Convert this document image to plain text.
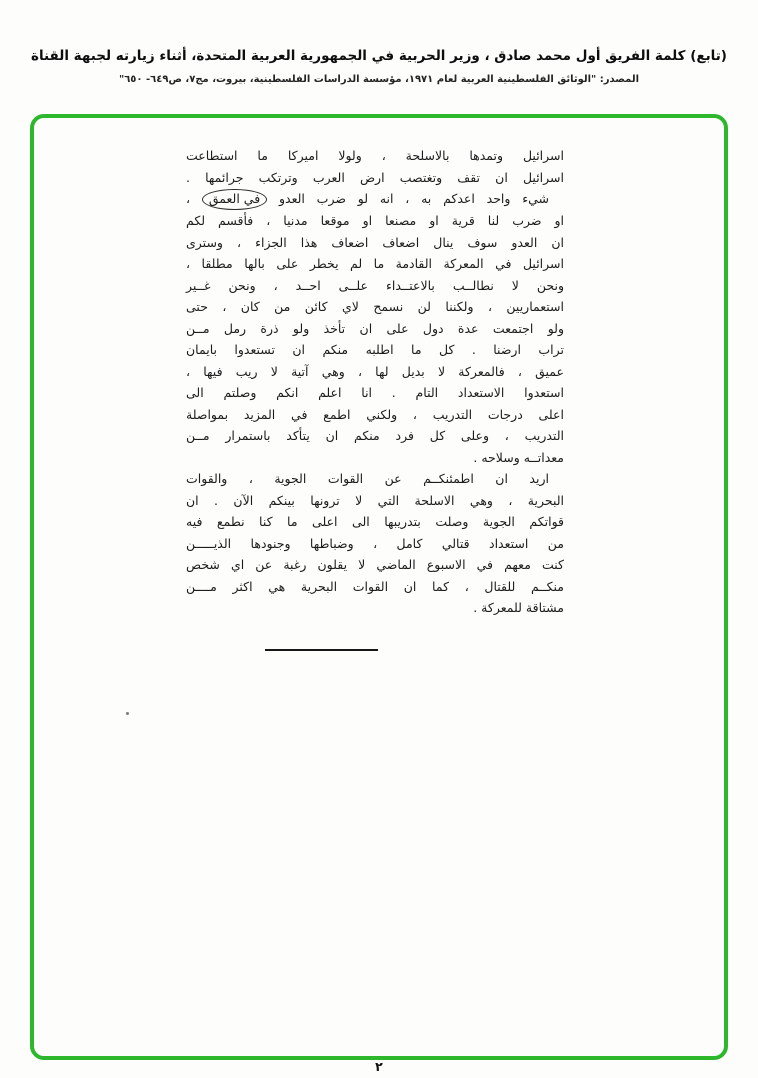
(تابع) كلمة الفريق أول محمد صادق ، وزير الحربية في الجمهورية العربية المتحدة، أثناء زيارته لجبهة القناة
المصدر: "الوثائق الفلسطينية العربية لعام ١٩٧١، مؤسسة الدراسات الفلسطينية، بيروت، مج٧، ص٦٤٩- ٦٥٠"
اسرائيل وتمدها بالاسلحة ، ولولا اميركا ما استطاعت
اسرائيل ان تقف وتغتصب ارض العرب وترتكب جرائمها .
شيء واحد اعدكم به ، انه لو ضرب العدو في العمق ،
او ضرب لنا قرية او مصنعا او موقعا مدنيا ، فأقسم لكم
ان العدو سوف ينال اضعاف اضعاف هذا الجزاء ، وسترى
اسرائيل في المعركة القادمة ما لم يخطر على بالها مطلقا ،
ونحن لا نطالــب بالاعتــداء علــى احــد ، ونحن غــير
استعماريين ، ولكننا لن نسمح لاي كائن من كان ، حتى
ولو اجتمعت عدة دول على ان تأخذ ولو ذرة رمل مــن
تراب ارضنا . كل ما اطلبه منكم ان تستعدوا بايمان
عميق ، فالمعركة لا بديل لها ، وهي آتية لا ريب فيها ،
استعدوا الاستعداد التام . انا اعلم انكم وصلتم الى
اعلى درجات التدريب ، ولكني اطمع في المزيد بمواصلة
التدريب ، وعلى كل فرد منكم ان يتأكد باستمرار مــن
معداتــه وسلاحه .
اريد ان اطمئنكــم عن القوات الجوية ، والقوات
البحرية ، وهي الاسلحة التي لا ترونها بينكم الآن . ان
قواتكم الجوية وصلت بتدريبها الى اعلى ما كنا نطمع فيه
من استعداد قتالي كامل ، وضباطها وجنودها الذيـــــن
كنت معهم في الاسبوع الماضي لا يقلون رغبة عن اي شخص
منكــم للقتال ، كما ان القوات البحرية هي اكثر مــــن
مشتاقة للمعركة .
٢
